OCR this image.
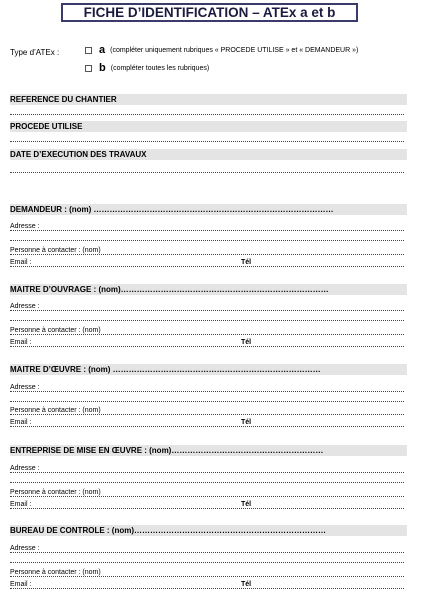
FICHE D’IDENTIFICATION – ATEx a et b
Type d’ATEx :	a (compléter uniquement rubriques « PROCEDE UTILISE » et « DEMANDEUR »)
b (compléter toutes les rubriques)
REFERENCE DU CHANTIER
PROCEDE UTILISE
DATE D’EXECUTION DES TRAVAUX
DEMANDEUR : (nom) ………………………………………………………………………………
Adresse :
Personne à contacter : (nom)
Email :	Tél
MAITRE D’OUVRAGE : (nom)……………………………………………………………………
Adresse :
Personne à contacter : (nom)
Email :	Tél
MAITRE D’ŒUVRE : (nom) ……………………………………………………………………
Adresse :
Personne à contacter : (nom)
Email :	Tél
ENTREPRISE DE MISE EN ŒUVRE : (nom)…………………………………………………
Adresse :
Personne à contacter : (nom)
Email :	Tél
BUREAU DE CONTROLE : (nom)………………………………………………………………
Adresse :
Personne à contacter : (nom)
Email :	Tél
